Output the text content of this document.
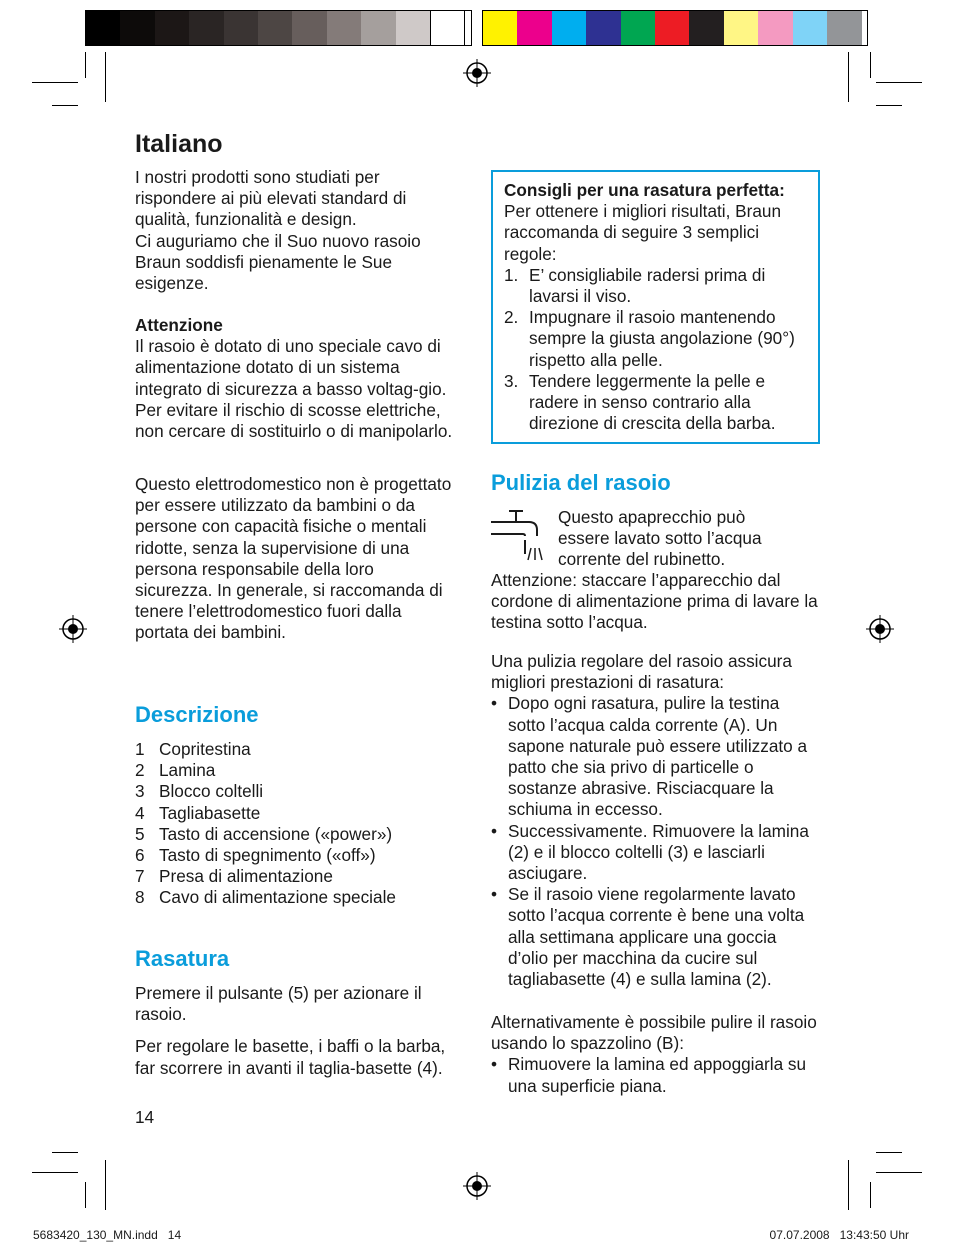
Italiano

I nostri prodotti sono studiati per rispondere ai più elevati standard di qualità, funzionalità e design.

Ci auguriamo che il Suo nuovo rasoio Braun soddisfi pienamente le Sue esigenze.

Attenzione

Il rasoio è dotato di uno speciale cavo di alimentazione dotato di un sistema integrato di sicurezza a basso voltag-gio. Per evitare il rischio di scosse elettriche, non cercare di sostituirlo o di manipolarlo.

Questo elettrodomestico non è progettato per essere utilizzato da bambini o da persone con capacità fisiche o mentali ridotte, senza la supervisione di una persona responsabile della loro sicurezza. In generale, si raccomanda di tenere l’elettrodomestico fuori dalla portata dei bambini.

Descrizione
1 Copritestina
2 Lamina
3 Blocco coltelli
4 Tagliabasette
5 Tasto di accensione («power»)
6 Tasto di spegnimento («off»)
7 Presa di alimentazione
8 Cavo di alimentazione speciale
Rasatura

Premere il pulsante (5) per azionare il rasoio.

Per regolare le basette, i baffi o la barba, far scorrere in avanti il taglia-basette (4).

14

Consigli per una rasatura perfetta:

Per ottenere i migliori risultati, Braun raccomanda di seguire 3 semplici regole:

1. E’ consigliabile radersi prima di lavarsi il viso.
2. Impugnare il rasoio mantenendo sempre la giusta angolazione (90°) rispetto alla pelle.
3. Tendere leggermente la pelle e radere in senso contrario alla direzione di crescita della barba.
Pulizia del rasoio
Questo apaprecchio può essere lavato sotto l’acqua corrente del rubinetto.
Attenzione: staccare l’apparecchio dal cordone di alimentazione prima di lavare la testina sotto l’acqua.

Una pulizia regolare del rasoio assicura migliori prestazioni di rasatura:

• Dopo ogni rasatura, pulire la testina sotto l’acqua calda corrente (A). Un sapone naturale può essere utilizzato a patto che sia privo di particelle o sostanze abrasive. Risciacquare la schiuma in eccesso.
• Successivamente. Rimuovere la lamina (2) e il blocco coltelli (3) e lasciarli asciugare.
• Se il rasoio viene regolarmente lavato sotto l’acqua corrente è bene una volta alla settimana applicare una goccia d’olio per macchina da cucire sul tagliabasette (4) e sulla lamina (2).

Alternativamente è possibile pulire il rasoio usando lo spazzolino (B):

• Rimuovere la lamina ed appoggiarla su una superficie piana.
5683420_130_MN.indd   14	07.07.2008   13:43:50 Uhr
